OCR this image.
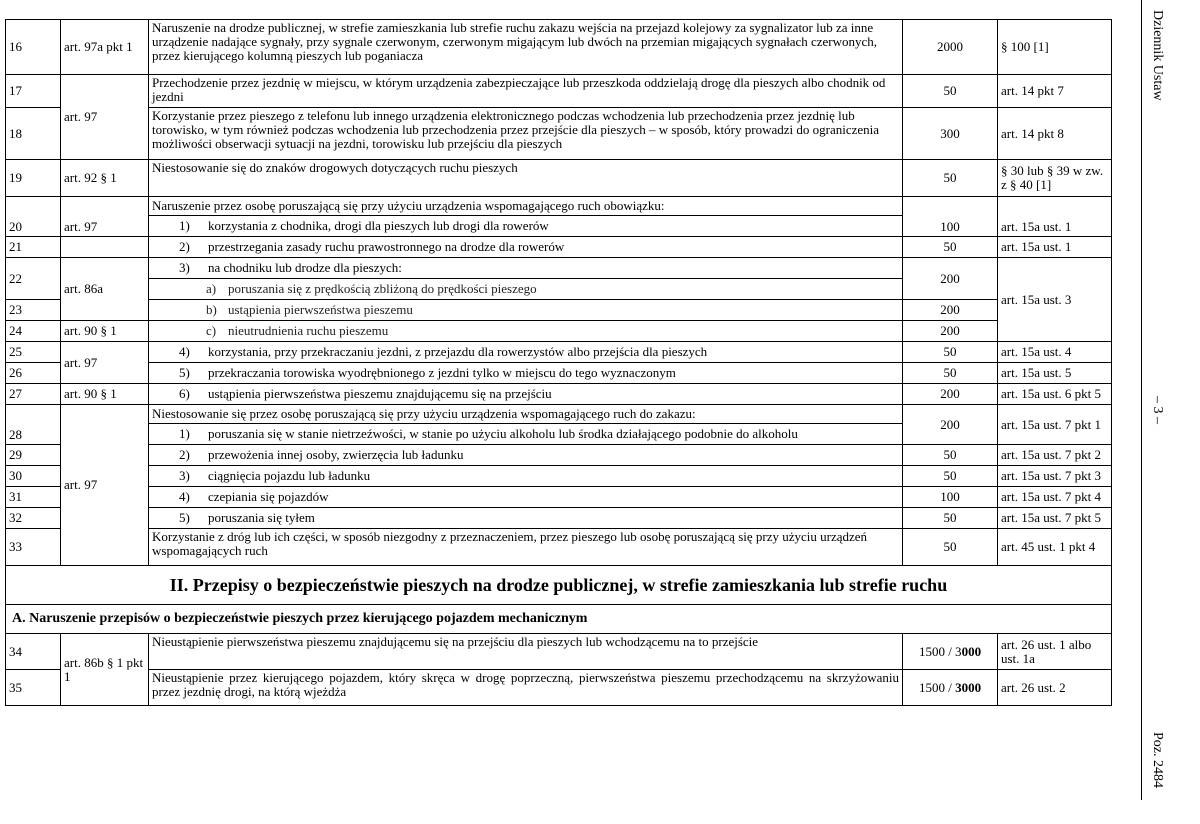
16	art. 97a pkt 1	Naruszenie na drodze publicznej, w strefie zamieszkania lub strefie ruchu zakazu wejścia na przejazd kolejowy za sygnalizator lub za inne urządzenie nadające sygnały, przy sygnale czerwonym, czerwonym migającym lub dwóch na przemian migających sygnałach czerwonych, przez kierującego kolumną pieszych lub poganiacza	2000	§ 100 [1]
17	art. 97	Przechodzenie przez jezdnię w miejscu, w którym urządzenia zabezpieczające lub przeszkoda oddzielają drogę dla pieszych albo chodnik od jezdni	50	art. 14 pkt 7
18		Korzystanie przez pieszego z telefonu lub innego urządzenia elektronicznego podczas wchodzenia lub przechodzenia przez jezdnię lub torowisko, w tym również podczas wchodzenia lub przechodzenia przez przejście dla pieszych – w sposób, który prowadzi do ograniczenia możliwości obserwacji sytuacji na jezdni, torowisku lub przejściu dla pieszych	300	art. 14 pkt 8
19	art. 92 § 1	Niestosowanie się do znaków drogowych dotyczących ruchu pieszych	50	§ 30 lub § 39 w zw. z § 40 [1]
20	art. 97	Naruszenie przez osobę poruszającą się przy użyciu urządzenia wspomagającego ruch obowiązku:	100	art. 15a ust. 1

		1) korzystania z chodnika, drogi dla pieszych lub drogi dla rowerów		

21		2) przestrzegania zasady ruchu prawostronnego na drodze dla rowerów	50	art. 15a ust. 1
22	art. 86a	3) na chodniku lub drodze dla pieszych:	200	art. 15a ust. 3

		a) poruszania się z prędkością zbliżoną do prędkości pieszego		

23		b) ustąpienia pierwszeństwa pieszemu	200	
24	art. 90 § 1	c) nieutrudnienia ruchu pieszemu	200	
25	art. 97	4) korzystania, przy przekraczaniu jezdni, z przejazdu dla rowerzystów albo przejścia dla pieszych	50	art. 15a ust. 4
26		5) przekraczania torowiska wyodrębnionego z jezdni tylko w miejscu do tego wyznaczonym	50	art. 15a ust. 5
27	art. 90 § 1	6) ustąpienia pierwszeństwa pieszemu znajdującemu się na przejściu	200	art. 15a ust. 6 pkt 5
28	art. 97	Niestosowanie się przez osobę poruszającą się przy użyciu urządzenia wspomagającego ruch do zakazu:	200	art. 15a ust. 7 pkt 1

		1) poruszania się w stanie nietrzeźwości, w stanie po użyciu alkoholu lub środka działającego podobnie do alkoholu		

29		2) przewożenia innej osoby, zwierzęcia lub ładunku	50	art. 15a ust. 7 pkt 2
30		3) ciągnięcia pojazdu lub ładunku	50	art. 15a ust. 7 pkt 3
31		4) czepiania się pojazdów	100	art. 15a ust. 7 pkt 4
32		5) poruszania się tyłem	50	art. 15a ust. 7 pkt 5
33		Korzystanie z dróg lub ich części, w sposób niezgodny z przeznaczeniem, przez pieszego lub osobę poruszającą się przy użyciu urządzeń wspomagających ruch	50	art. 45 ust. 1 pkt 4
II. Przepisy o bezpieczeństwie pieszych na drodze publicznej, w strefie zamieszkania lub strefie ruchu				
A. Naruszenie przepisów o bezpieczeństwie pieszych przez kierującego pojazdem mechanicznym				
34	art. 86b § 1 pkt 1	Nieustąpienie pierwszeństwa pieszemu znajdującemu się na przejściu dla pieszych lub wchodzącemu na to przejście	1500 / 3000	art. 26 ust. 1 albo ust. 1a
35		Nieustąpienie przez kierującego pojazdem, który skręca w drogę poprzeczną, pierwszeństwa pieszemu przechodzącemu na skrzyżowaniu przez jezdnię drogi, na którą wjeżdża	1500 / 3000	art. 26 ust. 2
Dziennik Ustaw
– 3 –
Poz. 2484
